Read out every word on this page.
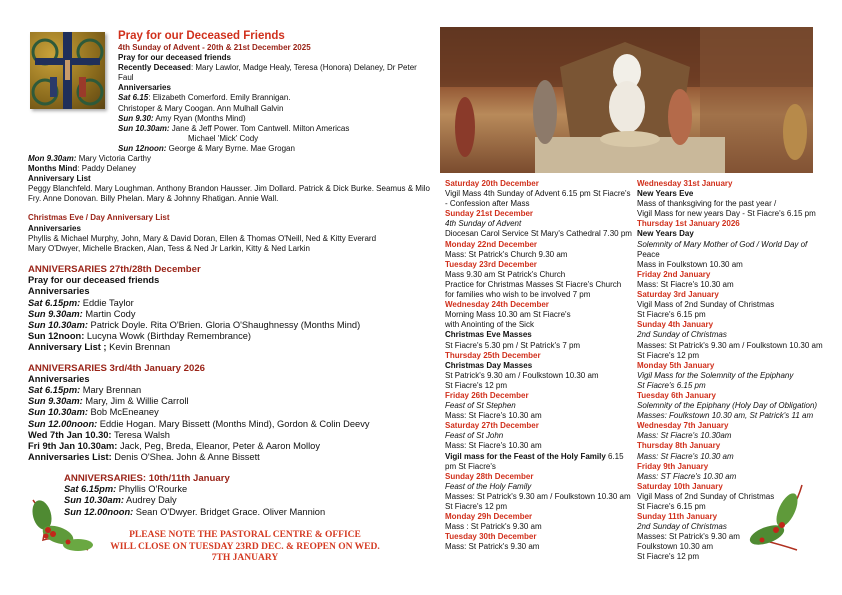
Pray for our Deceased Friends
4th Sunday of Advent - 20th & 21st December 2025
Pray for our deceased friends
Recently Deceased: Mary Lawlor, Madge Healy, Teresa (Honora) Delaney, Dr Peter
Faul
Anniversaries
Sat 6.15: Elizabeth Comerford. Emily Brannigan.
Christoper & Mary Coogan. Ann Mulhall Galvin
Sun 9.30: Amy Ryan (Months Mind)
Sun 10.30am: Jane & Jeff Power. Tom Cantwell. Milton Americas
Michael 'Mick' Cody
Sun 12noon: George & Mary Byrne. Mae Grogan
Mon 9.30am: Mary Victoria Carthy
Months Mind: Paddy Delaney
Anniversary List
Peggy Blanchfeld. Mary Loughman. Anthony Brandon Hausser. Jim Dollard. Patrick & Dick Burke. Seamus & Milo
Fry. Anne Donovan. Billy Phelan. Mary & Johnny Rhatigan. Annie Wall.
Christmas Eve / Day Anniversary List
Anniversaries
Phyllis & Michael Murphy, John, Mary & David Doran, Ellen & Thomas O'Neill, Ned & Kitty Everard
Mary O'Dwyer, Michelle Bracken, Alan, Tess & Ned Jr Larkin, Kitty & Ned Larkin
ANNIVERSARIES 27th/28th December
Pray for our deceased friends
Anniversaries
Sat 6.15pm: Eddie Taylor
Sun 9.30am: Martin Cody
Sun 10.30am: Patrick Doyle. Rita O'Brien. Gloria O'Shaughnessy (Months Mind)
Sun 12noon: Lucyna Wowk (Birthday Remembrance)
Anniversary List ; Kevin Brennan
ANNIVERSARIES 3rd/4th January 2026
Anniversaries
Sat 6.15pm: Mary Brennan
Sun 9.30am: Mary, Jim & Willie Carroll
Sun 10.30am: Bob McEneaney
Sun 12.00noon: Eddie Hogan. Mary Bissett (Months Mind), Gordon & Colin Deevy
Wed 7th Jan 10.30: Teresa Walsh
Fri 9th Jan 10.30am: Jack, Peg, Breda, Eleanor, Peter & Aaron Molloy
Anniversaries List: Denis O'Shea. John & Anne Bissett
ANNIVERSARIES: 10th/11th January
Sat 6.15pm: Phyllis O'Rourke
Sun 10.30am: Audrey Daly
Sun 12.00noon: Sean O'Dwyer. Bridget Grace. Oliver Mannion
PLEASE NOTE THE PASTORAL CENTRE & OFFICE
WILL CLOSE ON TUESDAY 23RD DEC. & REOPEN ON WED.
7TH JANUARY
Saturday 20th December
Vigil Mass 4th Sunday of Advent 6.15 pm St Fiacre's
- Confession after Mass
Sunday 21st December
4th Sunday of Advent
Diocesan Carol Service St Mary's Cathedral 7.30 pm
Monday 22nd December
Mass: St Patrick's Church 9.30 am
Tuesday 23rd December
Mass 9.30 am St Patrick's Church
Practice for Christmas Masses St Fiacre's Church
for families who wish to be involved 7 pm
Wednesday 24th December
Morning Mass 10.30 am St Fiacre's
with Anointing of the Sick
Christmas Eve Masses
St Fiacre's 5.30 pm / St Patrick's 7 pm
Thursday 25th December
Christmas Day Masses
St Patrick's 9.30 am / Foulkstown 10.30 am
St Fiacre's 12 pm
Friday 26th December
Feast of St Stephen
Mass: St Fiacre's 10.30 am
Saturday 27th December
Feast of St John
Mass: St Fiacre's 10.30 am
Vigil mass for the Feast of the Holy Family 6.15
pm St Fiacre's
Sunday 28th December
Feast of the Holy Family
Masses: St Patrick's 9.30 am / Foulkstown 10.30 am
St Fiacre's 12 pm
Monday 29h December
Mass : St Patrick's 9.30 am
Tuesday 30th December
Mass: St Patrick's 9.30 am
Wednesday 31st January
New Years Eve
Mass of thanksgiving for the past year /
Vigil Mass for new years Day - St Fiacre's 6.15 pm
Thursday 1st January 2026
New Years Day
Solemnity of Mary Mother of God / World Day of
Peace
Mass in Foulkstown 10.30 am
Friday 2nd January
Mass: St Fiacre's 10.30 am
Saturday 3rd January
Vigil Mass of 2nd Sunday of Christmas
St Fiacre's 6.15 pm
Sunday 4th January
2nd Sunday of Christmas
Masses: St Patrick's 9.30 am / Foulkstown 10.30 am
St Fiacre's 12 pm
Monday 5th January
Vigil Mass for the Solemnity of the Epiphany
St Fiacre's 6.15 pm
Tuesday 6th January
Solemnity of the Epiphany (Holy Day of Obligation)
Masses: Foulkstown 10.30 am, St Patrick's 11 am
Wednesday 7th January
Mass: St Fiacre's 10.30am
Thursday 8th January
Mass: St Fiacre's 10.30 am
Friday 9th January
Mass: ST Fiacre's 10.30 am
Saturday 10th January
Vigil Mass of 2nd Sunday of Christmas
St Fiacre's 6.15 pm
Sunday 11th January
2nd Sunday of Christmas
Masses: St Patrick's 9.30 am
Foulkstown 10.30 am
St Fiacre's 12 pm
